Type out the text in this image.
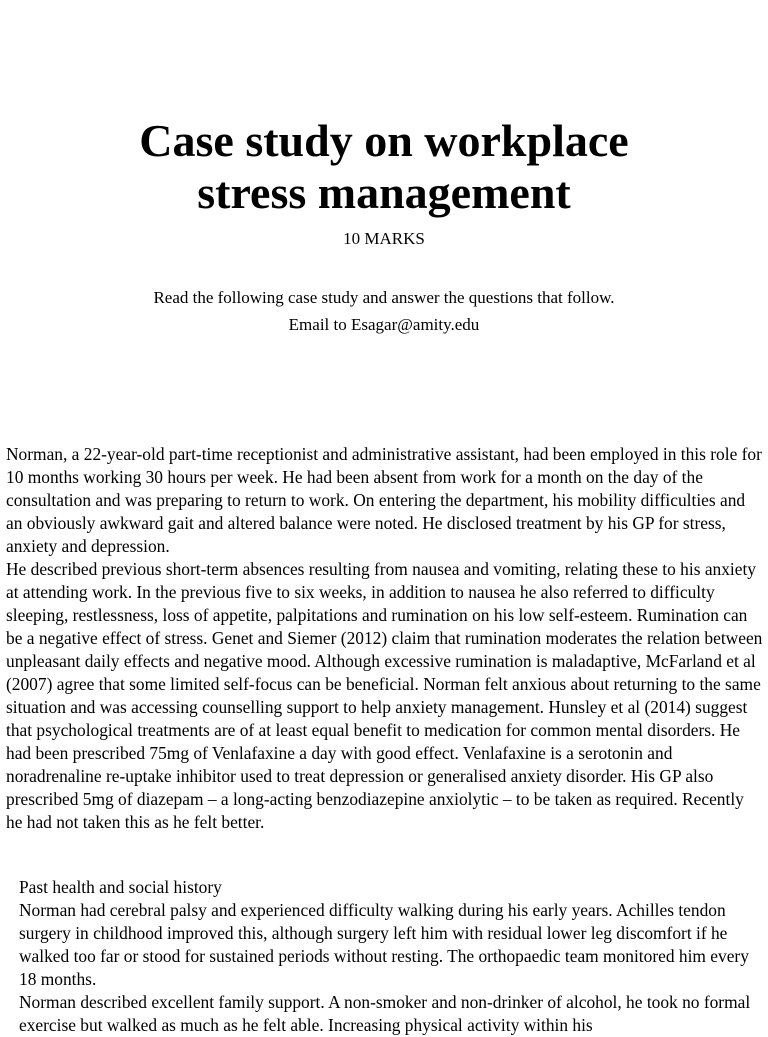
Case study on workplace
stress management
10 MARKS
Read the following case study and answer the questions that follow.
Email to Esagar@amity.edu

Norman, a 22-year-old part-time receptionist and administrative assistant, had been employed in this role for 10 months working 30 hours per week. He had been absent from work for a month on the day of the consultation and was preparing to return to work. On entering the department, his mobility difficulties and an obviously awkward gait and altered balance were noted. He disclosed treatment by his GP for stress, anxiety and depression.

He described previous short-term absences resulting from nausea and vomiting, relating these to his anxiety at attending work. In the previous five to six weeks, in addition to nausea he also referred to difficulty sleeping, restlessness, loss of appetite, palpitations and rumination on his low self-esteem. Rumination can be a negative effect of stress. Genet and Siemer (2012) claim that rumination moderates the relation between unpleasant daily effects and negative mood. Although excessive rumination is maladaptive, McFarland et al (2007) agree that some limited self-focus can be beneficial. Norman felt anxious about returning to the same situation and was accessing counselling support to help anxiety management. Hunsley et al (2014) suggest that psychological treatments are of at least equal benefit to medication for common mental disorders. He had been prescribed 75mg of Venlafaxine a day with good effect. Venlafaxine is a serotonin and noradrenaline re-uptake inhibitor used to treat depression or generalised anxiety disorder. His GP also prescribed 5mg of diazepam – a long-acting benzodiazepine anxiolytic – to be taken as required. Recently he had not taken this as he felt better.

Past health and social history

Norman had cerebral palsy and experienced difficulty walking during his early years. Achilles tendon surgery in childhood improved this, although surgery left him with residual lower leg discomfort if he walked too far or stood for sustained periods without resting. The orthopaedic team monitored him every 18 months.

Norman described excellent family support. A non-smoker and non-drinker of alcohol, he took no formal exercise but walked as much as he felt able. Increasing physical activity within his
